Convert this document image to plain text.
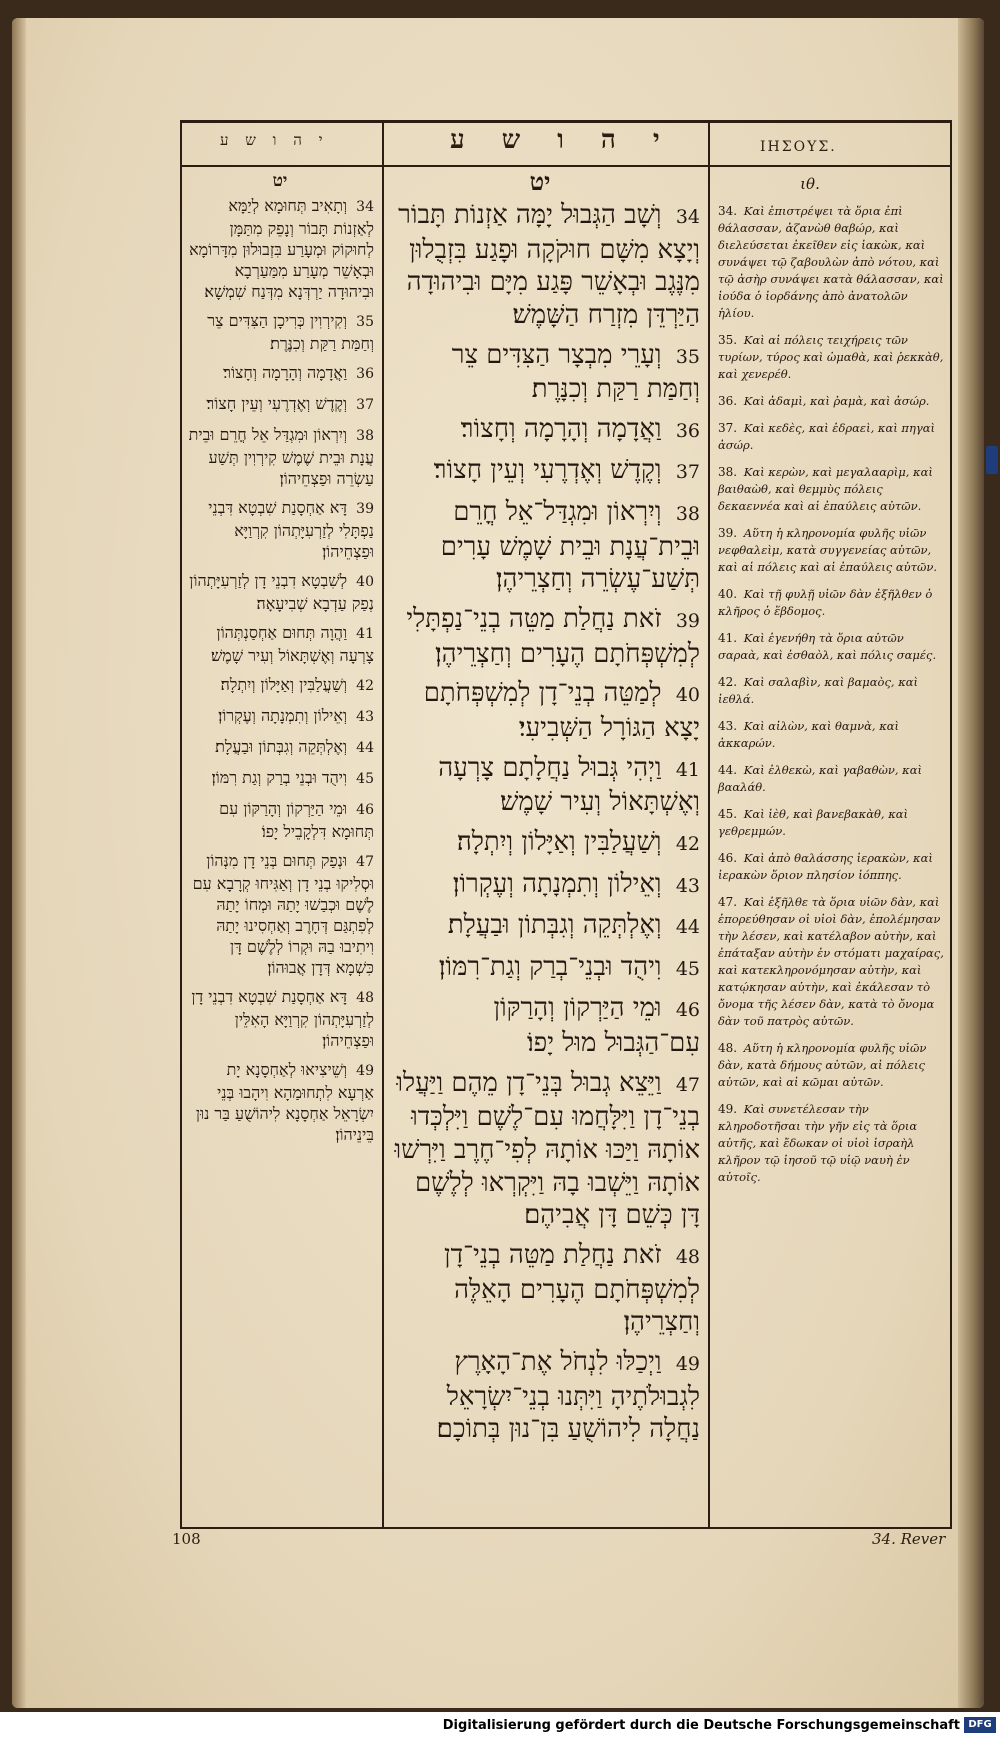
י ה ו ש ע	י ה ו ש ע	ΙΗΣΟΥΣ.
יט	יט	ιθ.

34 וְתָאִיב תְּחוּמָא לְיַמָּא לְאַזְנוֹת תָּבוֹר וְנָפֵק מִתַּמָּן לְחוּקוֹק וּמְעָרַע בִּזְבוּלוּן מִדָּרוֹמָא וּבְאָשֵׁר מְעָרַע מִמַּעַרְבָא וּבִיהוּדָה יַרְדְּנָא מִדְּנַח שִׁמְשָׁא׃

35 וְקִירְוִין כְּרִיכָן הַצִּדִּים צֵר וְחַמַּת רַקַּת וְכִנֶּרֶת׃

36 וַאֲדָמָה וְהָרָמָה וְחָצוֹר׃

37 וְקֶדֶשׁ וְאֶדְרֶעִי וְעֵין חָצוֹר׃

38 וְיִרְאוֹן וּמִגְדַּל אֵל חֳרֵם וּבֵית עֲנָת וּבֵית שֶׁמֶשׁ קִירְוִין תְּשַׁע עַשְׂרֵה וּפַצְחֵיהוֹן׃

39 דָּא אַחְסָנַת שִׁבְטָא דִּבְנֵי נַפְתָּלִי לְזַרְעִיָּתְהוֹן קִרְוַיָּא וּפַצְחֵיהוֹן׃

40 לְשִׁבְטָא דִבְנֵי דָן לְזַרְעִיָּתְהוֹן נְפַק עַדְבָא שְׁבִיעָאָה׃

41 וַהֲוָה תְּחוּם אַחְסַנְתְּהוֹן צָרְעָה וְאֶשְׁתָּאוֹל וְעִיר שָׁמֶשׁ׃

42 וְשַׁעֲלַבִּין וְאַיָּלוֹן וְיִתְלָה׃

43 וְאֵילוֹן וְתִמְנָתָה וְעֶקְרוֹן׃

44 וְאֶלְתְּקֵה וְגִבְּתוֹן וּבַעֲלָת׃

45 וִיהֻד וּבְנֵי בְרַק וְגַת רִמּוֹן׃

46 וּמֵי הַיַּרְקוֹן וְהָרַקּוֹן עִם תְּחוּמָא דִּלְקָבֵיל יָפוֹ׃

47 וּנְפַק תְּחוּם בְּנֵי דָן מִנְּהוֹן וּסְלִיקוּ בְנֵי דָן וְאַגִּיחוּ קְרָבָא עִם לֶשֶׁם וּכְבַשׁוּ יָתַהּ וּמְחוֹ יָתַהּ לְפִתְגַּם דְּחָרֶב וְאַחְסִינוּ יָתַהּ וִיתִיבוּ בַהּ וּקְרוֹ לְלֶשֶׁם דָּן כִּשְׁמָא דְּדָן אֲבוּהוֹן׃

48 דָּא אַחְסָנַת שִׁבְטָא דִבְנֵי דָן לְזַרְעִיָּתְהוֹן קִרְוַיָּא הָאִלֵּין וּפַצְחֵיהוֹן׃

49 וְשֵׁיצִיאוּ לְאַחְסָנָא יָת אַרְעָא לִתְחוּמַהָא וִיהָבוּ בְּנֵי יִשְׂרָאֵל אַחְסָנָא לִיהוֹשֻׁעַ בַּר נוּן בֵּינֵיהוֹן׃

34 וְשָׁב הַגְּבוּל יָמָּה אַזְנוֹת תָּבוֹר וְיָצָא מִשָּׁם חוּקֹקָה וּפָגַע בִּזְבֻלוּן מִנֶּגֶב וּבְאָשֵׁר פָּגַע מִיָּם וּבִיהוּדָה הַיַּרְדֵּן מִזְרַח הַשָּׁמֶשׁ׃

35 וְעָרֵי מִבְצָר הַצִּדִּים צֵר וְחַמַּת רַקַּת וְכִנָּרֶת׃

36 וַאֲדָמָה וְהָרָמָה וְחָצוֹר׃

37 וְקֶדֶשׁ וְאֶדְרֶעִי וְעֵין חָצוֹר׃

38 וְיִרְאוֹן וּמִגְדַּל־אֵל חֳרֵם וּבֵית־עֲנָת וּבֵית שָׁמֶשׁ עָרִים תְּשַׁע־עֶשְׂרֵה וְחַצְרֵיהֶן׃

39 זֹאת נַחֲלַת מַטֵּה בְנֵי־נַפְתָּלִי לְמִשְׁפְּחֹתָם הֶעָרִים וְחַצְרֵיהֶן׃

40 לְמַטֵּה בְנֵי־דָן לְמִשְׁפְּחֹתָם יָצָא הַגּוֹרָל הַשְּׁבִיעִי׃

41 וַיְהִי גְּבוּל נַחֲלָתָם צָרְעָה וְאֶשְׁתָּאוֹל וְעִיר שָׁמֶשׁ׃

42 וְשַׁעֲלַבִּין וְאַיָּלוֹן וְיִתְלָה׃

43 וְאֵילוֹן וְתִמְנָתָה וְעֶקְרוֹן׃

44 וְאֶלְתְּקֵה וְגִבְּתוֹן וּבַעֲלָת׃

45 וִיהֻד וּבְנֵי־בְרַק וְגַת־רִמּוֹן׃

46 וּמֵי הַיַּרְקוֹן וְהָרַקּוֹן עִם־הַגְּבוּל מוּל יָפוֹ׃

47 וַיֵּצֵא גְבוּל בְּנֵי־דָן מֵהֶם וַיַּעֲלוּ בְנֵי־דָן וַיִּלָּחֲמוּ עִם־לֶשֶׁם וַיִּלְכְּדוּ אוֹתָהּ וַיַּכּוּ אוֹתָהּ לְפִי־חֶרֶב וַיִּרְשׁוּ אוֹתָהּ וַיֵּשְׁבוּ בָהּ וַיִּקְרְאוּ לְלֶשֶׁם דָּן כְּשֵׁם דָּן אֲבִיהֶם׃

48 זֹאת נַחֲלַת מַטֵּה בְנֵי־דָן לְמִשְׁפְּחֹתָם הֶעָרִים הָאֵלֶּה וְחַצְרֵיהֶן׃

49 וַיְכַלּוּ לִנְחֹל אֶת־הָאָרֶץ לִגְבוּלֹתֶיהָ וַיִּתְּנוּ בְנֵי־יִשְׂרָאֵל נַחֲלָה לִיהוֹשֻׁעַ בִּן־נוּן בְּתוֹכָם׃

34. Καὶ ἐπιστρέψει τὰ ὅρια ἐπὶ θάλασσαν, ἀζανὼθ θαβώρ, καὶ διελεύσεται ἐκεῖθεν εἰς ἰακὼκ, καὶ συνάψει τῷ ζαβουλὼν ἀπὸ νότου, καὶ τῷ ἀσὴρ συνάψει κατὰ θάλασσαν, καὶ ἰούδα ὁ ἰορδάνης ἀπὸ ἀνατολῶν ἡλίου.

35. Καὶ αἱ πόλεις τειχήρεις τῶν τυρίων, τύρος καὶ ὠμαθὰ, καὶ ῥεκκὰθ, καὶ χενερέθ.

36. Καὶ ἀδαμὶ, καὶ ῥαμὰ, καὶ ἀσώρ.

37. Καὶ κεδὲς, καὶ ἐδραεὶ, καὶ πηγαὶ ἀσώρ.

38. Καὶ κερὼν, καὶ μεγαλααρὶμ, καὶ βαιθαὼθ, καὶ θεμμὺς πόλεις δεκαεννέα καὶ αἱ ἐπαύλεις αὐτῶν.

39. Αὕτη ἡ κληρονομία φυλῆς υἱῶν νεφθαλεὶμ, κατὰ συγγενείας αὐτῶν, καὶ αἱ πόλεις καὶ αἱ ἐπαύλεις αὐτῶν.

40. Καὶ τῇ φυλῇ υἱῶν δὰν ἐξῆλθεν ὁ κλῆρος ὁ ἕβδομος.

41. Καὶ ἐγενήθη τὰ ὅρια αὐτῶν σαραὰ, καὶ ἐσθαὸλ, καὶ πόλις σαμές.

42. Καὶ σαλαβὶν, καὶ βαμαὸς, καὶ ἰεθλά.

43. Καὶ αἰλὼν, καὶ θαμνὰ, καὶ ἀκκαρών.

44. Καὶ ἐλθεκὼ, καὶ γαβαθὼν, καὶ βααλάθ.

45. Καὶ ἰὲθ, καὶ βανεβακὰθ, καὶ γεθρεμμών.

46. Καὶ ἀπὸ θαλάσσης ἱερακὼν, καὶ ἱερακὼν ὅριον πλησίον ἰόππης.

47. Καὶ ἐξῆλθε τὰ ὅρια υἱῶν δὰν, καὶ ἐπορεύθησαν οἱ υἱοὶ δὰν, ἐπολέμησαν τὴν λέσεν, καὶ κατέλαβον αὐτὴν, καὶ ἐπάταξαν αὐτὴν ἐν στόματι μαχαίρας, καὶ κατεκληρονόμησαν αὐτὴν, καὶ κατῴκησαν αὐτὴν, καὶ ἐκάλεσαν τὸ ὄνομα τῆς λέσεν δὰν, κατὰ τὸ ὄνομα δὰν τοῦ πατρὸς αὐτῶν.

48. Αὕτη ἡ κληρονομία φυλῆς υἱῶν δὰν, κατὰ δήμους αὐτῶν, αἱ πόλεις αὐτῶν, καὶ αἱ κῶμαι αὐτῶν.

49. Καὶ συνετέλεσαν τὴν κληροδοτῆσαι τὴν γῆν εἰς τὰ ὅρια αὐτῆς, καὶ ἔδωκαν οἱ υἱοὶ ἰσραὴλ κλῆρον τῷ ἰησοῦ τῷ υἱῷ ναυὴ ἐν αὐτοῖς.

108	34. Rever
Digitalisierung gefördert durch die Deutsche Forschungsgemeinschaft DFG
